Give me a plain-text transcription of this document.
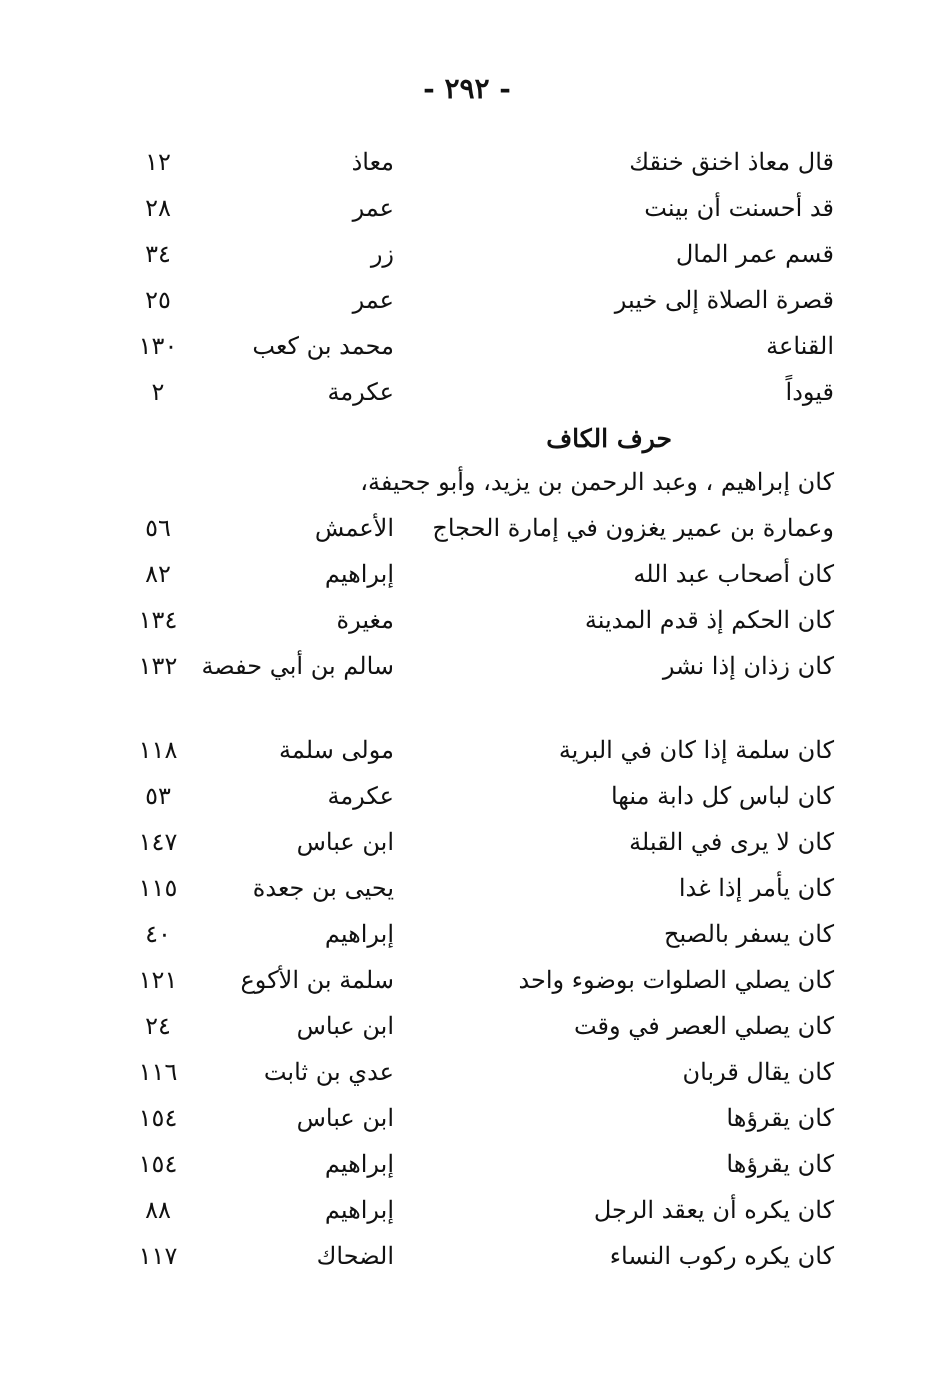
- ٢٩٢ -
قال معاذ اخنق خنقك
معاذ
١٢
قد أحسنت أن بينت
عمر
٢٨
قسم عمر المال
زر
٣٤
قصرة الصلاة إلى خيبر
عمر
٢٥
القناعة
محمد بن كعب
١٣٠
قيوداً
عكرمة
٢
وعمارة بن عمير يغزون في إمارة الحجاج
الأعمش
٥٦
كان أصحاب عبد الله
إبراهيم
٨٢
كان الحكم إذ قدم المدينة
مغيرة
١٣٤
كان زذان إذا نشر
سالم بن أبي حفصة
١٣٢
كان سلمة إذا كان في البرية
مولى سلمة
١١٨
كان لباس كل دابة منها
عكرمة
٥٣
كان لا يرى في القبلة
ابن عباس
١٤٧
كان يأمر إذا غدا
يحيى بن جعدة
١١٥
كان يسفر بالصبح
إبراهيم
٤٠
كان يصلي الصلوات بوضوء واحد
سلمة بن الأكوع
١٢١
كان يصلي العصر في وقت
ابن عباس
٢٤
كان يقال قربان
عدي بن ثابت
١١٦
كان يقرؤها
ابن عباس
١٥٤
كان يقرؤها
إبراهيم
١٥٤
كان يكره أن يعقد الرجل
إبراهيم
٨٨
كان يكره ركوب النساء
الضحاك
١١٧
حرف الكاف
كان إبراهيم ، وعبد الرحمن بن يزيد، وأبو جحيفة،
